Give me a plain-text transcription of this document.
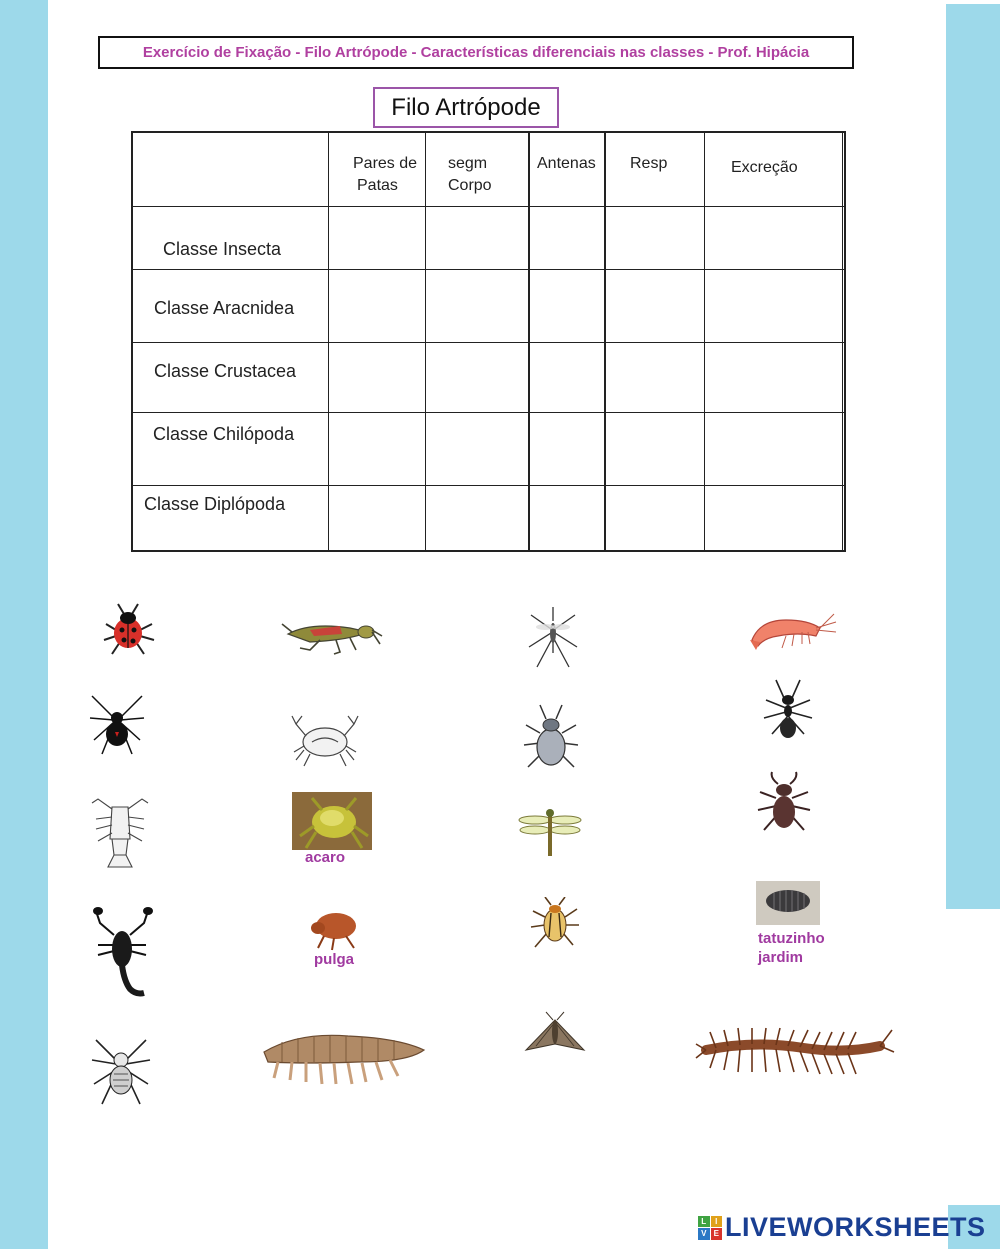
Exercício de Fixação - Filo Artrópode - Características diferenciais nas classes - Prof. Hipácia
Filo Artrópode
Pares de
Patas
segm
Corpo
Antenas Resp	Excreção
Classe Insecta
Classe Aracnidea
Classe Crustacea
Classe Chilópoda
Classe Diplópoda
acaro
pulga
tatuzinho
jardim
L	I
V E LIVEWORKSHEETS
